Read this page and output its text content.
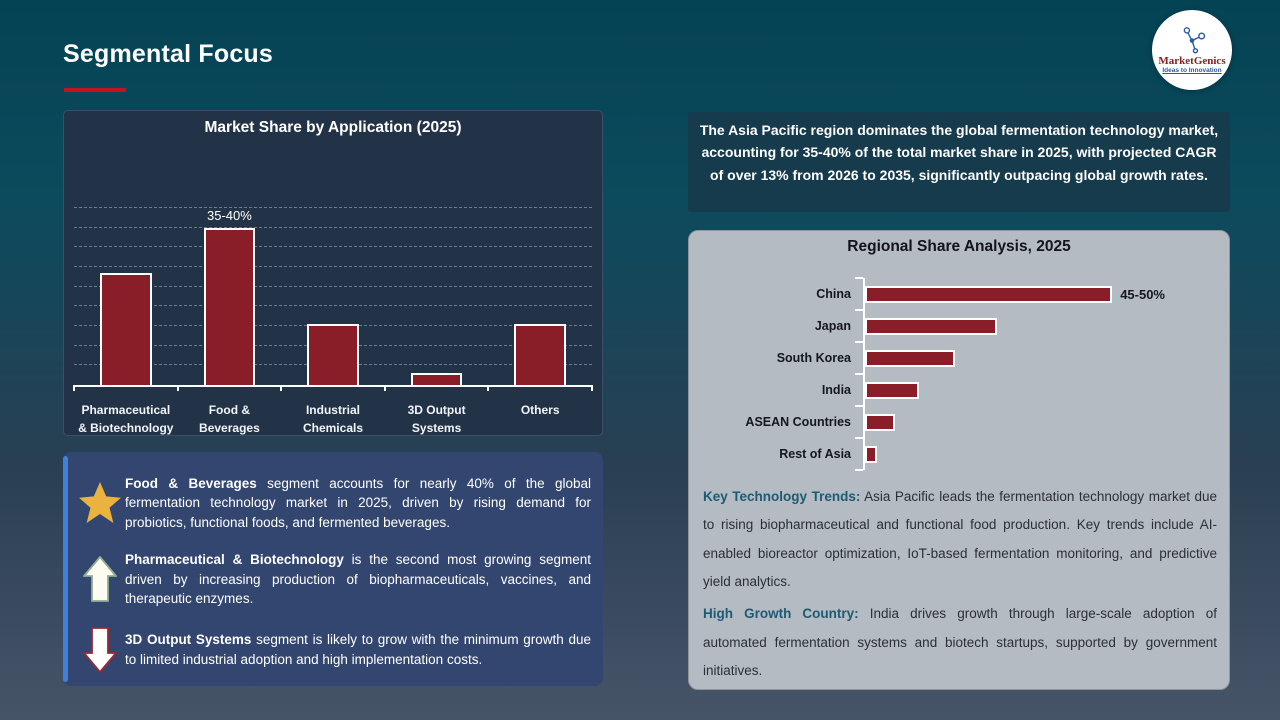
Segmental Focus	MarketGenics
Ideas to Innovation
Market Share by Application (2025)
35-40%
Pharmaceutical
& Biotechnology
Food &
Beverages
Industrial
Chemicals
3D Output
Systems
Others

Food & Beverages segment accounts for nearly 40% of the global fermentation technology market in 2025, driven by rising demand for probiotics, functional foods, and fermented beverages.

Pharmaceutical & Biotechnology is the second most growing segment driven by increasing production of biopharmaceuticals, vaccines, and therapeutic enzymes.

3D Output Systems segment is likely to grow with the minimum growth due to limited industrial adoption and high implementation costs.

The Asia Pacific region dominates the global fermentation technology market, accounting for 35-40% of the total market share in 2025, with projected CAGR of over 13% from 2026 to 2035, significantly outpacing global growth rates.
Regional Share Analysis, 2025
China	45-50%
Japan
South Korea
India
ASEAN Countries
Rest of Asia

Key Technology Trends: Asia Pacific leads the fermentation technology market due to rising biopharmaceutical and functional food production. Key trends include AI-enabled bioreactor optimization, IoT-based fermentation monitoring, and predictive yield analytics.

High Growth Country: India drives growth through large-scale adoption of automated fermentation systems and biotech startups, supported by government initiatives.
